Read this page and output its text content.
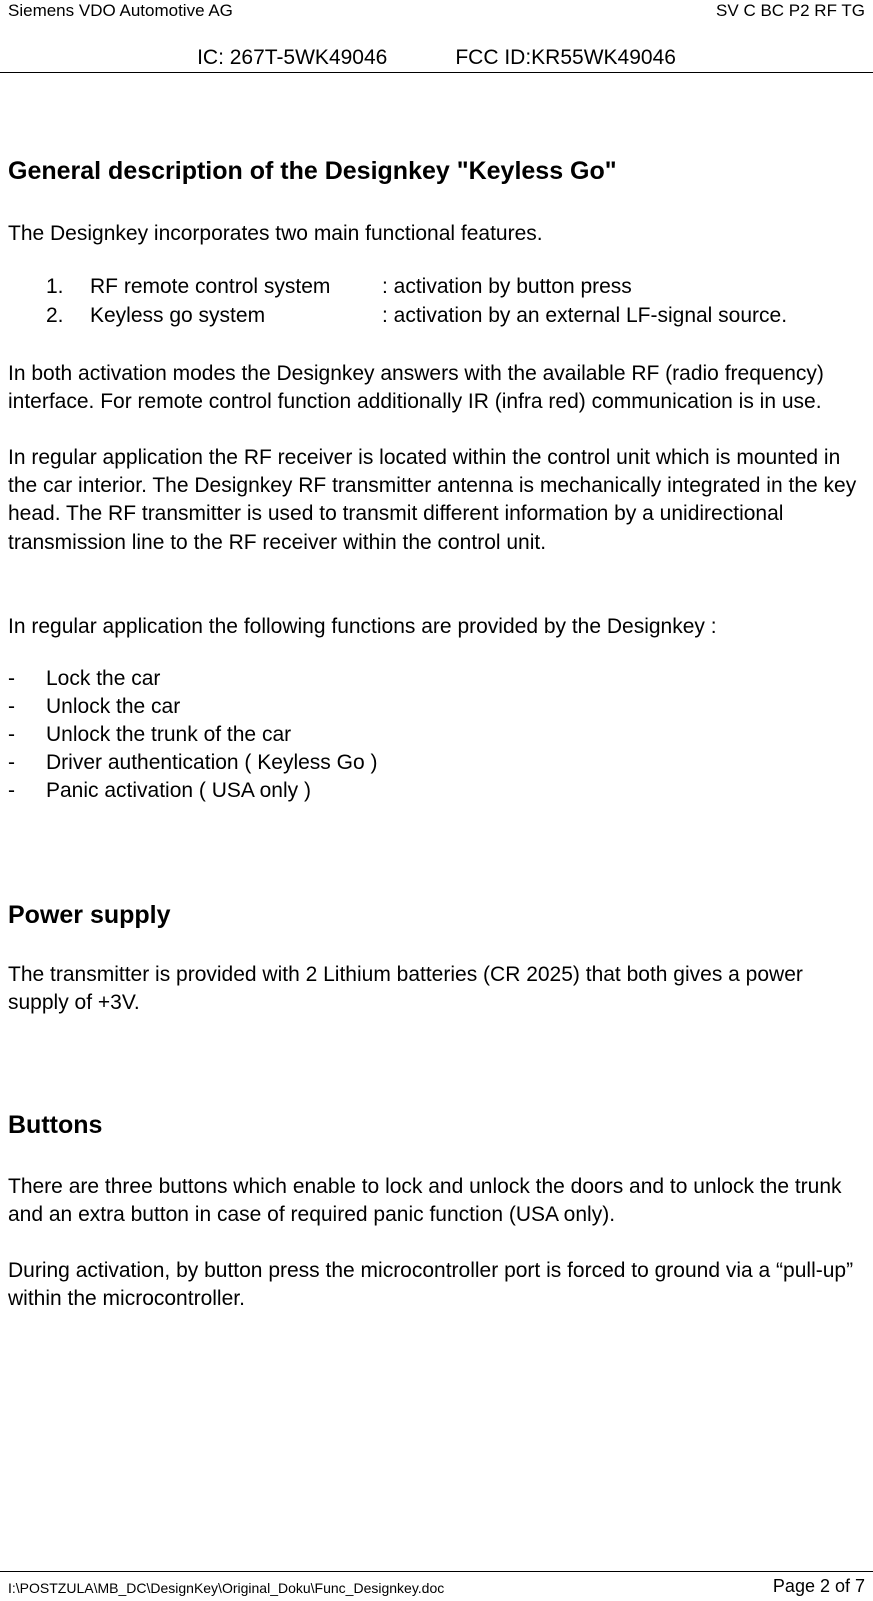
Siemens VDO Automotive AG	SV C BC P2 RF TG
IC: 267T-5WK49046	FCC ID:KR55WK49046
General description of the Designkey "Keyless Go"

The Designkey incorporates two main functional features.

1. RF remote control system : activation by button press
2. Keyless go system	: activation by an external LF-signal source.

In both activation modes the Designkey answers with the available RF (radio frequency) interface. For remote control function additionally IR (infra red) communication is in use.

In regular application the RF receiver is located within the control unit which is mounted in the car interior. The Designkey RF transmitter antenna is mechanically integrated in the key head. The RF transmitter is used to transmit different information by a unidirectional transmission line to the RF receiver within the control unit.

In regular application the following functions are provided by the Designkey :

- Lock the car
- Unlock the car
- Unlock the trunk of the car
- Driver authentication ( Keyless Go )
- Panic activation ( USA only )
Power supply

The transmitter is provided with 2 Lithium batteries (CR 2025) that both gives a power supply of +3V.

Buttons

There are three buttons which enable to lock and unlock the doors and to unlock the trunk and an extra button in case of required panic function (USA only).

During activation, by button press the microcontroller port is forced to ground via a “pull-up” within the microcontroller.

I:\POSTZULA\MB_DC\DesignKey\Original_Doku\Func_Designkey.doc	Page 2 of 7
